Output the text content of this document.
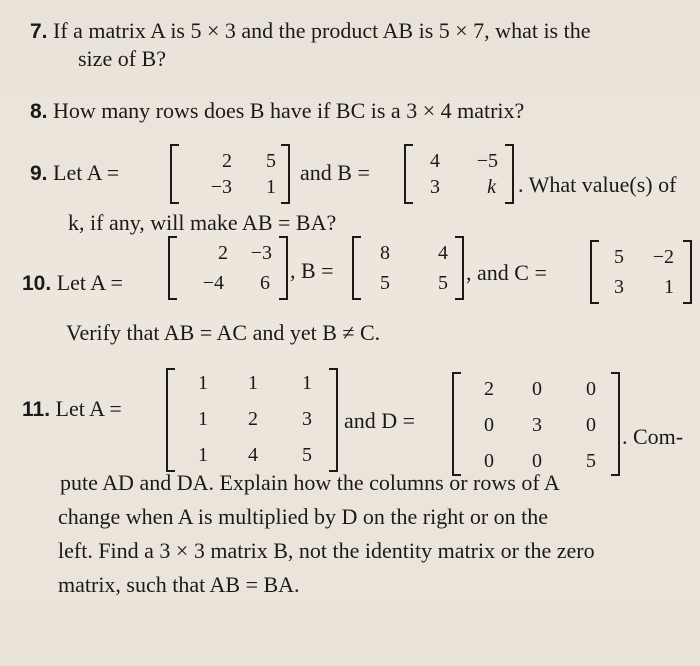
7. If a matrix A is 5 × 3 and the product AB is 5 × 7, what is the
size of B?
8. How many rows does B have if BC is a 3 × 4 matrix?
9. Let A =	2	5
−3	1
and B =	4	−5
3	k . What value(s) of
k, if any, will make AB = BA?
10. Let A =
2	−3
−4	6 , B =
8	4
5	5 , and C =
5	−2
3	1
Verify that AB = AC and yet B ≠ C.
11. Let A =
1	1	1
1	2	3
1	4	5
and D =
2	0	0
0	3	0
0	0	5
. Com-
pute AD and DA. Explain how the columns or rows of A
change when A is multiplied by D on the right or on the
left. Find a 3 × 3 matrix B, not the identity matrix or the zero
matrix, such that AB = BA.
